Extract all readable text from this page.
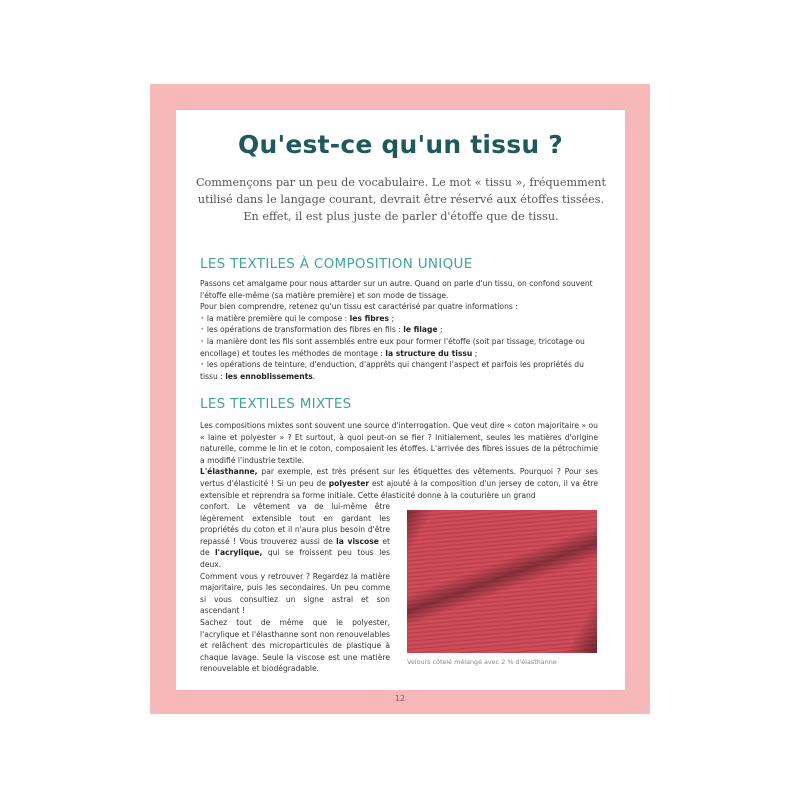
Qu'est-ce qu'un tissu ?
Commençons par un peu de vocabulaire. Le mot « tissu », fréquemment utilisé dans le langage courant, devrait être réservé aux étoffes tissées. En effet, il est plus juste de parler d'étoffe que de tissu.
LES TEXTILES À COMPOSITION UNIQUE
Passons cet amalgame pour nous attarder sur un autre. Quand on parle d'un tissu, on confond souvent l'étoffe elle-même (sa matière première) et son mode de tissage.
Pour bien comprendre, retenez qu'un tissu est caractérisé par quatre informations :
• la matière première qui le compose : les fibres ;
• les opérations de transformation des fibres en fils : le filage ;
• la manière dont les fils sont assemblés entre eux pour former l'étoffe (soit par tissage, tricotage ou encollage) et toutes les méthodes de montage : la structure du tissu ;
• les opérations de teinture, d'enduction, d'apprêts qui changent l'aspect et parfois les propriétés du tissu : les ennoblissements.
LES TEXTILES MIXTES
Les compositions mixtes sont souvent une source d'interrogation. Que veut dire « coton majoritaire » ou « laine et polyester » ? Et surtout, à quoi peut-on se fier ? Initialement, seules les matières d'origine naturelle, comme le lin et le coton, composaient les étoffes. L'arrivée des fibres issues de la pétrochimie a modifié l'industrie textile.
L'élasthanne, par exemple, est très présent sur les étiquettes des vêtements. Pourquoi ? Pour ses vertus d'élasticité ! Si un peu de polyester est ajouté à la composition d'un jersey de coton, il va être extensible et reprendra sa forme initiale. Cette élasticité donne à la couturière un grand
confort. Le vêtement va de lui-même être légèrement extensible tout en gardant les propriétés du coton et il n'aura plus besoin d'être repassé ! Vous trouverez aussi de la viscose et de l'acrylique, qui se froissent peu tous les deux.
Comment vous y retrouver ? Regardez la matière majoritaire, puis les secondaires. Un peu comme si vous consultiez un signe astral et son ascendant !
Sachez tout de même que le polyester, l'acrylique et l'élasthanne sont non renouvelables et relâchent des microparticules de plastique à chaque lavage. Seule la viscose est une matière renouvelable et biodégradable.
Velours côtelé mélangé avec 2 % d'élasthanne
12
